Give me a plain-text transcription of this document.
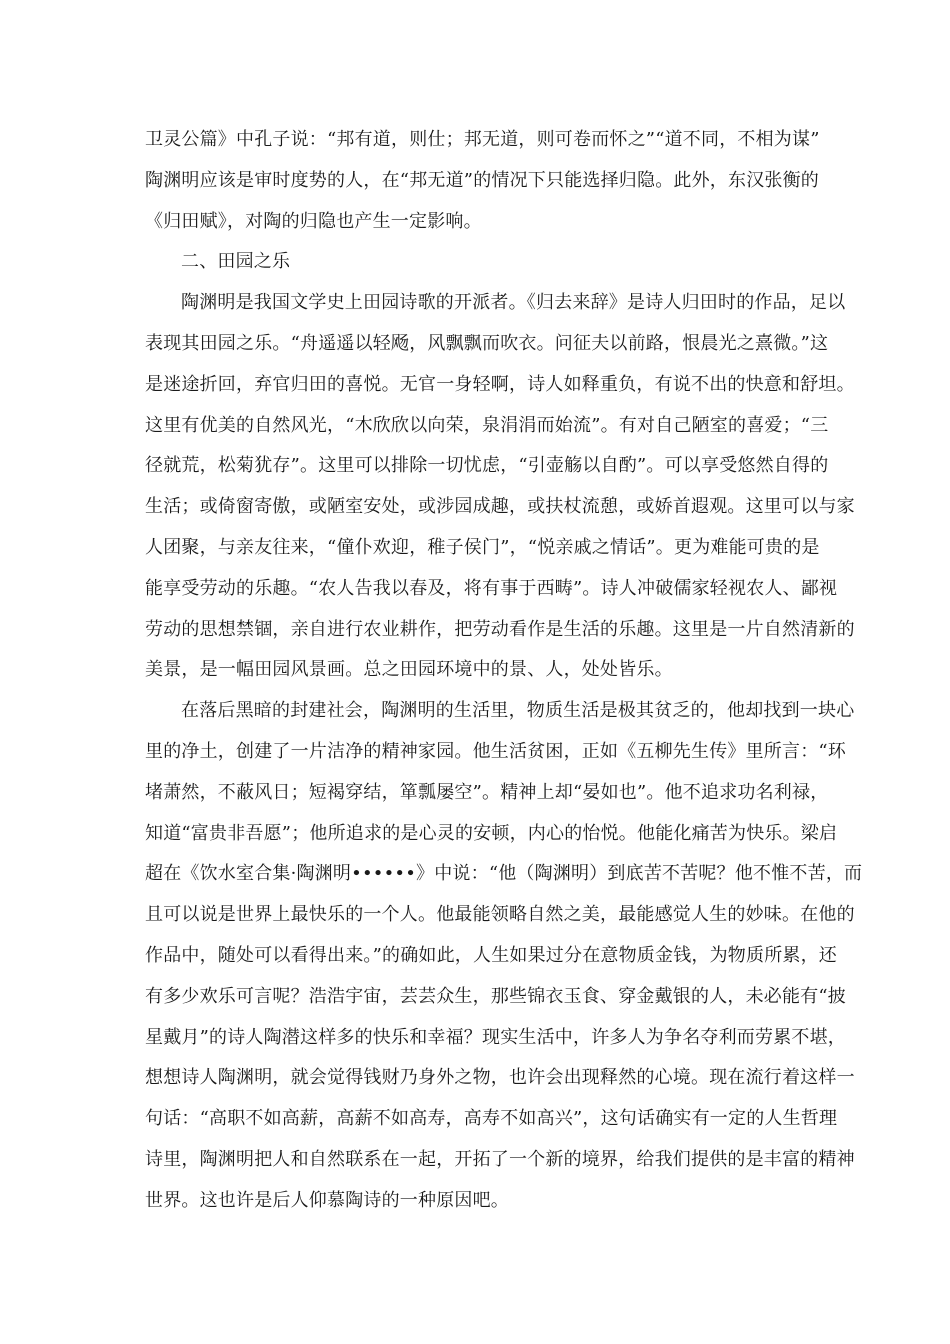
卫灵公篇》中孔子说：“邦有道，则仕；邦无道，则可卷而怀之”“道不同，不相为谋”
陶渊明应该是审时度势的人，在“邦无道”的情况下只能选择归隐。此外，东汉张衡的
《归田赋》，对陶的归隐也产生一定影响。
二、田园之乐
陶渊明是我国文学史上田园诗歌的开派者。《归去来辞》是诗人归田时的作品，足以
表现其田园之乐。“舟遥遥以轻飏，风飘飘而吹衣。问征夫以前路，恨晨光之熹微。”这
是迷途折回，弃官归田的喜悦。无官一身轻啊，诗人如释重负，有说不出的快意和舒坦。
这里有优美的自然风光，“木欣欣以向荣，泉涓涓而始流”。有对自己陋室的喜爱；“三
径就荒，松菊犹存”。这里可以排除一切忧虑，“引壶觞以自酌”。可以享受悠然自得的
生活；或倚窗寄傲，或陋室安处，或涉园成趣，或扶杖流憩，或娇首遐观。这里可以与家
人团聚，与亲友往来，“僮仆欢迎，稚子侯门”，“悦亲戚之情话”。更为难能可贵的是
能享受劳动的乐趣。“农人告我以春及，将有事于西畴”。诗人冲破儒家轻视农人、鄙视
劳动的思想禁锢，亲自进行农业耕作，把劳动看作是生活的乐趣。这里是一片自然清新的
美景，是一幅田园风景画。总之田园环境中的景、人，处处皆乐。
在落后黑暗的封建社会，陶渊明的生活里，物质生活是极其贫乏的，他却找到一块心
里的净土，创建了一片洁净的精神家园。他生活贫困，正如《五柳先生传》里所言：“环
堵萧然，不蔽风日；短褐穿结，箪瓢屡空”。精神上却“晏如也”。他不追求功名利禄，
知道“富贵非吾愿”；他所追求的是心灵的安顿，内心的怡悦。他能化痛苦为快乐。梁启
超在《饮水室合集·陶渊明••••••》中说：“他（陶渊明）到底苦不苦呢？他不惟不苦，而
且可以说是世界上最快乐的一个人。他最能领略自然之美，最能感觉人生的妙味。在他的
作品中，随处可以看得出来。”的确如此，人生如果过分在意物质金钱，为物质所累，还
有多少欢乐可言呢？浩浩宇宙，芸芸众生，那些锦衣玉食、穿金戴银的人，未必能有“披
星戴月”的诗人陶潜这样多的快乐和幸福？现实生活中，许多人为争名夺利而劳累不堪，
想想诗人陶渊明，就会觉得钱财乃身外之物，也许会出现释然的心境。现在流行着这样一
句话：“高职不如高薪，高薪不如高寿，高寿不如高兴”，这句话确实有一定的人生哲理
诗里，陶渊明把人和自然联系在一起，开拓了一个新的境界，给我们提供的是丰富的精神
世界。这也许是后人仰慕陶诗的一种原因吧。
